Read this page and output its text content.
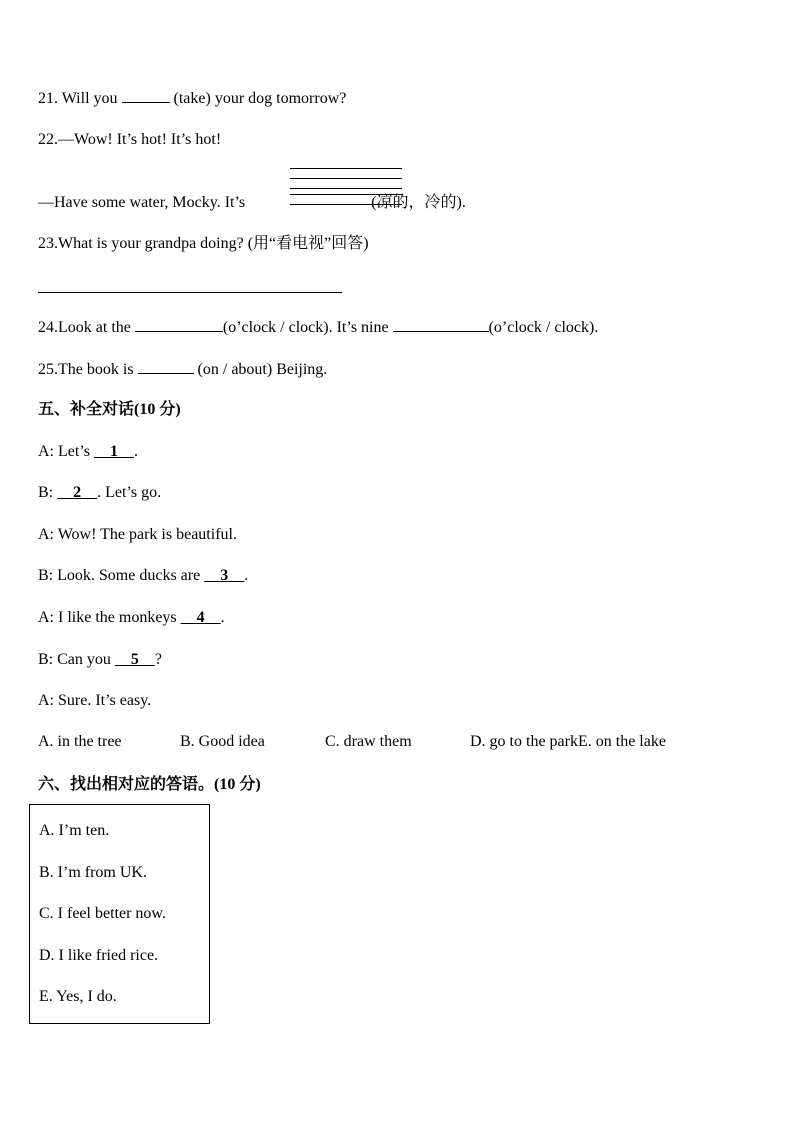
21. Will you	(take) your dog tomorrow?
22.—Wow! It’s hot! It’s hot!
—Have some water, Mocky. It’s	(凉的，冷的).
23.What is your grandpa doing? (用“看电视”回答)
24.Look at the	(o’clock / clock). It’s nine	(o’clock / clock).
25.The book is	(on / about) Beijing.
五、补全对话(10 分)
A: Let’s 1 .
B: 2 . Let’s go.
A: Wow! The park is beautiful.
B: Look. Some ducks are 3 .
A: I like the monkeys 4 .
B: Can you 5 ?
A: Sure. It’s easy.
A. in the tree	B. Good idea	C. draw them	D. go to the parkE. on the lake
六、找出相对应的答语。(10 分)
A. I’m ten.
B. I’m from UK.
C. I feel better now.
D. I like fried rice.
E. Yes, I do.
